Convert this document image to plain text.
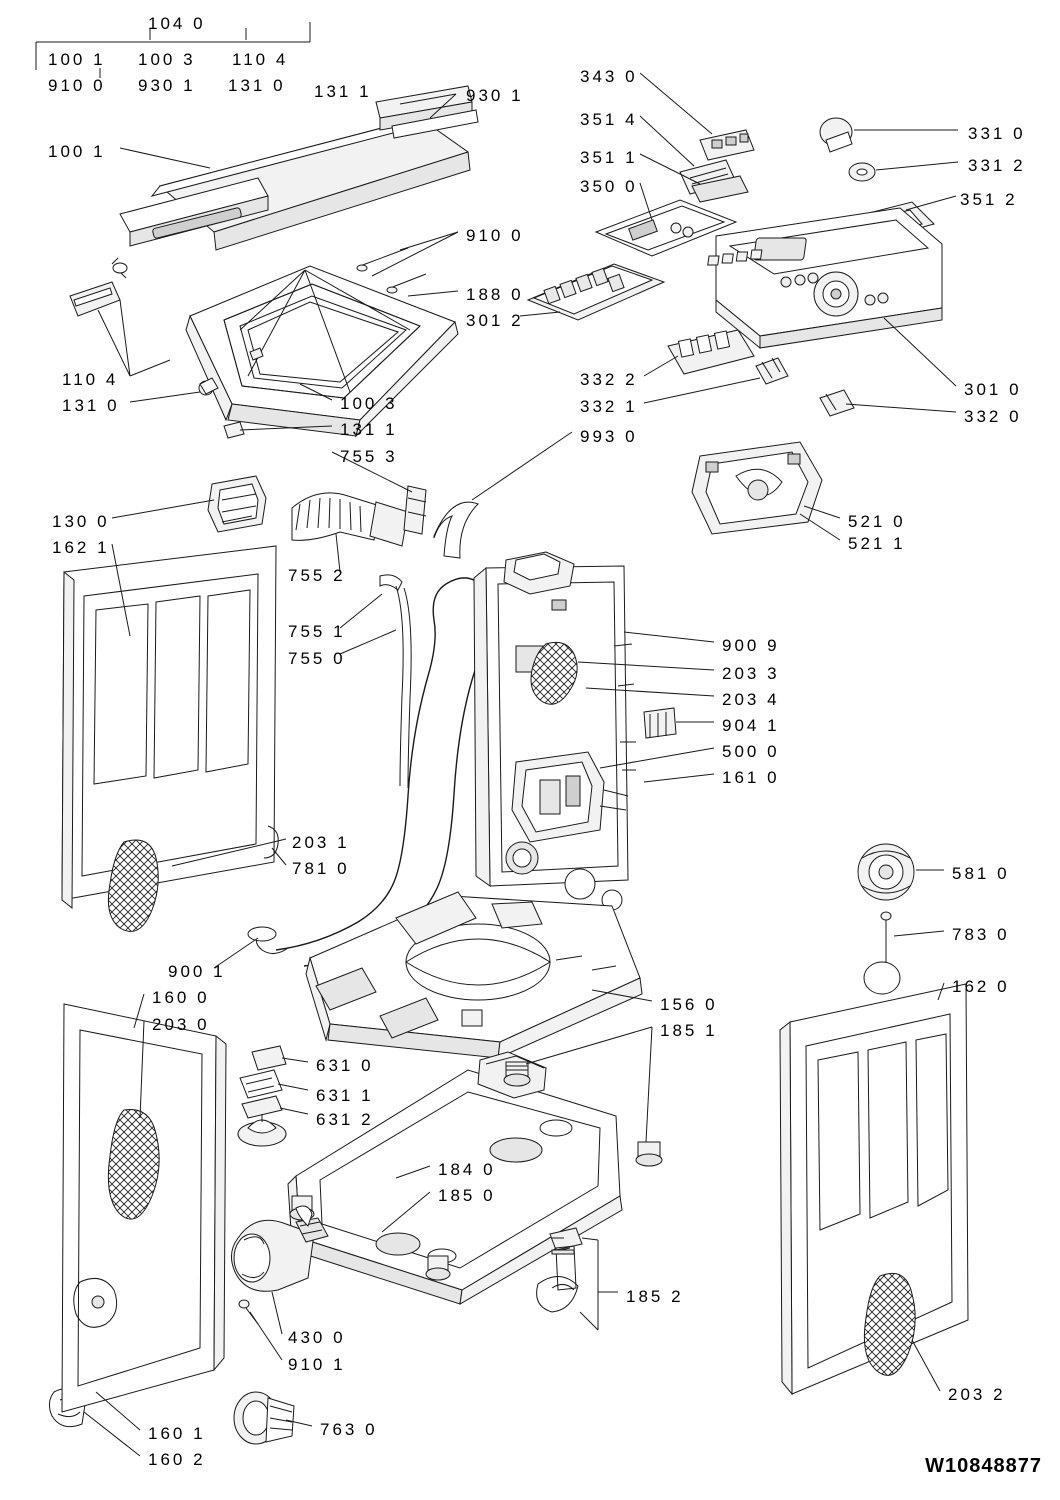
104 0
100 1 100 3 110 4
910 0 930 1 131 0 131 1	930 1
100 1
910 0
188 0
301 2
110 4
131 0	100 3
131 1
755 3
993 0
343 0
351 4
351 1
350 0
331 0
331 2
351 2
332 2
332 1
301 0
332 0
130 0
162 1
755 2
755 1
755 0
521 0
521 1
900 9
203 3
203 4
904 1
500 0
161 0
203 1
781 0	581 0
783 0
162 0
900 1
160 0
203 0
156 0
185 1
631 0
631 1
631 2
184 0
185 0
185 2
430 0
910 1
763 0
160 1
160 2
203 2
W10848877
